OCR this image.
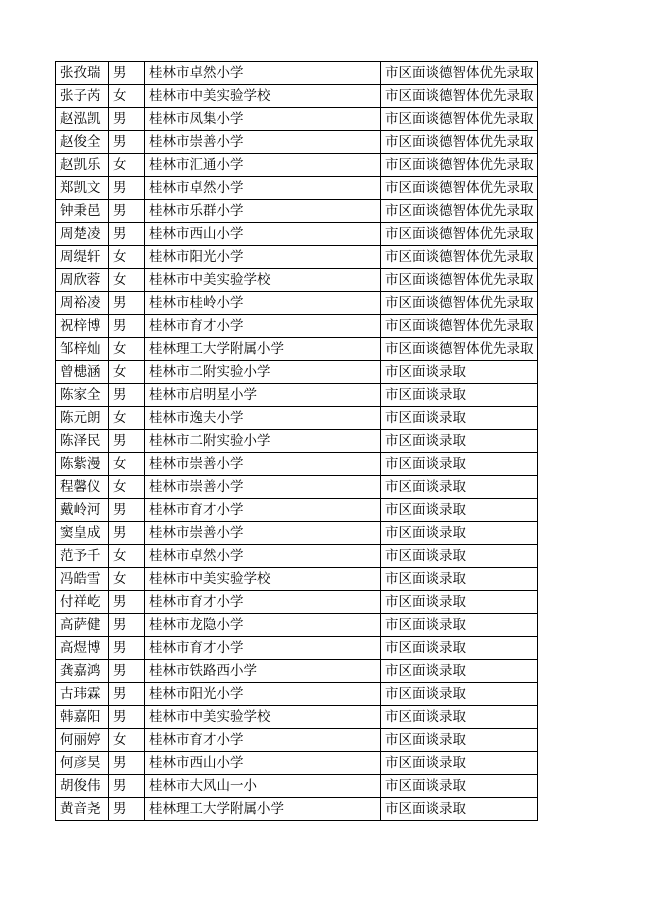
张孜瑞	男	桂林市卓然小学	市区面谈德智体优先录取
张子芮	女	桂林市中美实验学校	市区面谈德智体优先录取
赵泓凯	男	桂林市凤集小学	市区面谈德智体优先录取
赵俊全	男	桂林市崇善小学	市区面谈德智体优先录取
赵凯乐	女	桂林市汇通小学	市区面谈德智体优先录取
郑凯文	男	桂林市卓然小学	市区面谈德智体优先录取
钟秉邑	男	桂林市乐群小学	市区面谈德智体优先录取
周楚凌	男	桂林市西山小学	市区面谈德智体优先录取
周缇轩	女	桂林市阳光小学	市区面谈德智体优先录取
周欣蓉	女	桂林市中美实验学校	市区面谈德智体优先录取
周裕凌	男	桂林市桂岭小学	市区面谈德智体优先录取
祝梓博	男	桂林市育才小学	市区面谈德智体优先录取
邹梓灿	女	桂林理工大学附属小学	市区面谈德智体优先录取
曾槵涵	女	桂林市二附实验小学	市区面谈录取
陈家全	男	桂林市启明星小学	市区面谈录取
陈元朗	女	桂林市逸夫小学	市区面谈录取
陈泽民	男	桂林市二附实验小学	市区面谈录取
陈紫漫	女	桂林市崇善小学	市区面谈录取
程馨仪	女	桂林市崇善小学	市区面谈录取
戴岭河	男	桂林市育才小学	市区面谈录取
窦皇成	男	桂林市崇善小学	市区面谈录取
范予千	女	桂林市卓然小学	市区面谈录取
冯皓雪	女	桂林市中美实验学校	市区面谈录取
付祥屹	男	桂林市育才小学	市区面谈录取
高萨健	男	桂林市龙隐小学	市区面谈录取
高煜博	男	桂林市育才小学	市区面谈录取
龚嘉鸿	男	桂林市铁路西小学	市区面谈录取
古玮霖	男	桂林市阳光小学	市区面谈录取
韩嘉阳	男	桂林市中美实验学校	市区面谈录取
何丽婷	女	桂林市育才小学	市区面谈录取
何彦昊	男	桂林市西山小学	市区面谈录取
胡俊伟	男	桂林市大风山一小	市区面谈录取
黄音尧	男	桂林理工大学附属小学	市区面谈录取
